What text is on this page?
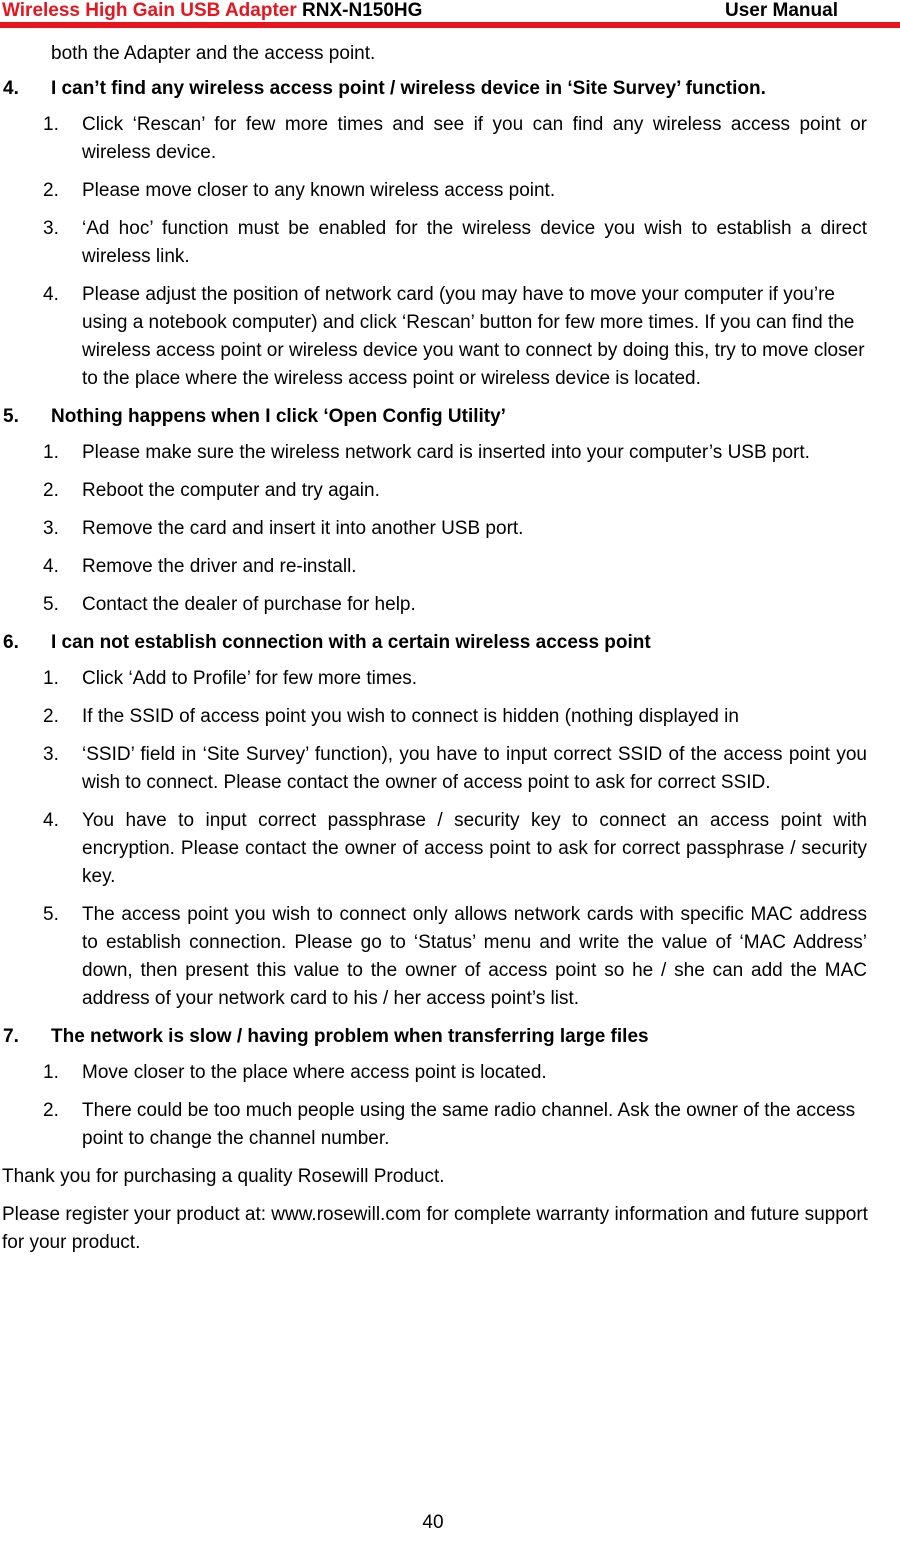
Wireless High Gain USB Adapter RNX-N150HG	User Manual
both the Adapter and the access point.
4. I can’t find any wireless access point / wireless device in ‘Site Survey’ function.
1. Click ‘Rescan’ for few more times and see if you can find any wireless access point or wireless device.
2. Please move closer to any known wireless access point.
3. ‘Ad hoc’ function must be enabled for the wireless device you wish to establish a direct wireless link.
4. Please adjust the position of network card (you may have to move your computer if you’re using a notebook computer) and click ‘Rescan’ button for few more times. If you can find the wireless access point or wireless device you want to connect by doing this, try to move closer to the place where the wireless access point or wireless device is located.
5. Nothing happens when I click ‘Open Config Utility’
1. Please make sure the wireless network card is inserted into your computer’s USB port.
2. Reboot the computer and try again.
3. Remove the card and insert it into another USB port.
4. Remove the driver and re-install.
5. Contact the dealer of purchase for help.
6. I can not establish connection with a certain wireless access point
1. Click ‘Add to Profile’ for few more times.
2. If the SSID of access point you wish to connect is hidden (nothing displayed in
3. ‘SSID’ field in ‘Site Survey’ function), you have to input correct SSID of the access point you wish to connect. Please contact the owner of access point to ask for correct SSID.
4. You have to input correct passphrase / security key to connect an access point with encryption. Please contact the owner of access point to ask for correct passphrase / security key.
5. The access point you wish to connect only allows network cards with specific MAC address to establish connection. Please go to ‘Status’ menu and write the value of ‘MAC Address’ down, then present this value to the owner of access point so he / she can add the MAC address of your network card to his / her access point’s list.
7. The network is slow / having problem when transferring large files
1. Move closer to the place where access point is located.
2. There could be too much people using the same radio channel. Ask the owner of the access point to change the channel number.
Thank you for purchasing a quality Rosewill Product.
Please register your product at: www.rosewill.com for complete warranty information and future support for your product.
40
